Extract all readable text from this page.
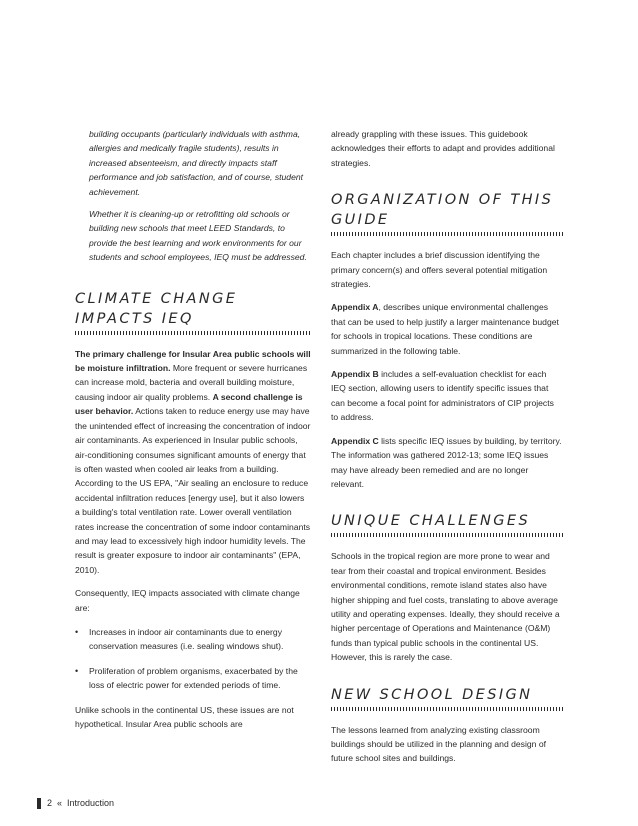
building occupants (particularly individuals with asthma, allergies and medically fragile students), results in increased absenteeism, and directly impacts staff performance and job satisfaction, and of course, student achievement.

Whether it is cleaning-up or retrofitting old schools or building new schools that meet LEED Standards, to provide the best learning and work environments for our students and school employees, IEQ must be addressed.

CLIMATE CHANGE IMPACTS IEQ

The primary challenge for Insular Area public schools will be moisture infiltration. More frequent or severe hurricanes can increase mold, bacteria and overall building moisture, causing indoor air quality problems. A second challenge is user behavior. Actions taken to reduce energy use may have the unintended effect of increasing the concentration of indoor air contaminants. As experienced in Insular public schools, air-conditioning consumes significant amounts of energy that is often wasted when cooled air leaks from a building. According to the US EPA, "Air sealing an enclosure to reduce accidental infiltration reduces [energy use], but it also lowers a building's total ventilation rate. Lower overall ventilation rates increase the concentration of some indoor contaminants and may lead to excessively high indoor humidity levels. The result is greater exposure to indoor air contaminants" (EPA, 2010).

Consequently, IEQ impacts associated with climate change are:

• Increases in indoor air contaminants due to energy conservation measures (i.e. sealing windows shut).
• Proliferation of problem organisms, exacerbated by the loss of electric power for extended periods of time.

Unlike schools in the continental US, these issues are not hypothetical. Insular Area public schools are

already grappling with these issues. This guidebook acknowledges their efforts to adapt and provides additional strategies.

ORGANIZATION OF THIS GUIDE

Each chapter includes a brief discussion identifying the primary concern(s) and offers several potential mitigation strategies.

Appendix A, describes unique environmental challenges that can be used to help justify a larger maintenance budget for schools in tropical locations. These conditions are summarized in the following table.

Appendix B includes a self-evaluation checklist for each IEQ section, allowing users to identify specific issues that can become a focal point for administrators of CIP projects to address.

Appendix C lists specific IEQ issues by building, by territory. The information was gathered 2012-13; some IEQ issues may have already been remedied and are no longer relevant.

UNIQUE CHALLENGES

Schools in the tropical region are more prone to wear and tear from their coastal and tropical environment. Besides environmental conditions, remote island states also have higher shipping and fuel costs, translating to above average utility and operating expenses. Ideally, they should receive a higher percentage of Operations and Maintenance (O&M) funds than typical public schools in the continental US. However, this is rarely the case.

NEW SCHOOL DESIGN

The lessons learned from analyzing existing classroom buildings should be utilized in the planning and design of future school sites and buildings.

2 « Introduction
